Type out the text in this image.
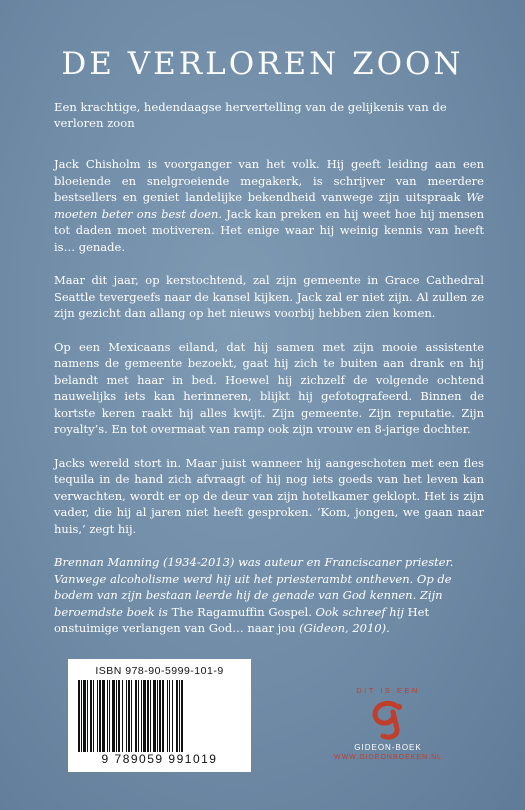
DE VERLOREN ZOON
Een krachtige, hedendaagse hervertelling van de gelijkenis van de verloren zoon

Jack Chisholm is voorganger van het volk. Hij geeft leiding aan een bloeiende en snelgroeiende megakerk, is schrijver van meerdere bestsellers en geniet landelijke bekendheid vanwege zijn uitspraak We moeten beter ons best doen. Jack kan preken en hij weet hoe hij mensen tot daden moet motiveren. Het enige waar hij weinig kennis van heeft is… genade.

Maar dit jaar, op kerstochtend, zal zijn gemeente in Grace Cathedral Seattle tevergeefs naar de kansel kijken. Jack zal er niet zijn. Al zullen ze zijn gezicht dan allang op het nieuws voorbij hebben zien komen.

Op een Mexicaans eiland, dat hij samen met zijn mooie assistente namens de gemeente bezoekt, gaat hij zich te buiten aan drank en hij belandt met haar in bed. Hoewel hij zichzelf de volgende ochtend nauwelijks iets kan herinneren, blijkt hij gefotografeerd. Binnen de kortste keren raakt hij alles kwijt. Zijn gemeente. Zijn reputatie. Zijn royalty’s. En tot overmaat van ramp ook zijn vrouw en 8-jarige dochter.

Jacks wereld stort in. Maar juist wanneer hij aangeschoten met een fles tequila in de hand zich afvraagt of hij nog iets goeds van het leven kan verwachten, wordt er op de deur van zijn hotelkamer geklopt. Het is zijn vader, die hij al jaren niet heeft gesproken. ‘Kom, jongen, we gaan naar huis,’ zegt hij.

Brennan Manning (1934-2013) was auteur en Franciscaner priester. Vanwege alcoholisme werd hij uit het priesterambt ontheven. Op de bodem van zijn bestaan leerde hij de genade van God kennen. Zijn beroemdste boek is The Ragamuffin Gospel. Ook schreef hij Het onstuimige verlangen van God… naar jou (Gideon, 2010).

ISBN 978-90-5999-101-9
9 789059 991019
DIT IS EEN
GIDEON-BOEK
WWW.GIDEONBOEKEN.NL
